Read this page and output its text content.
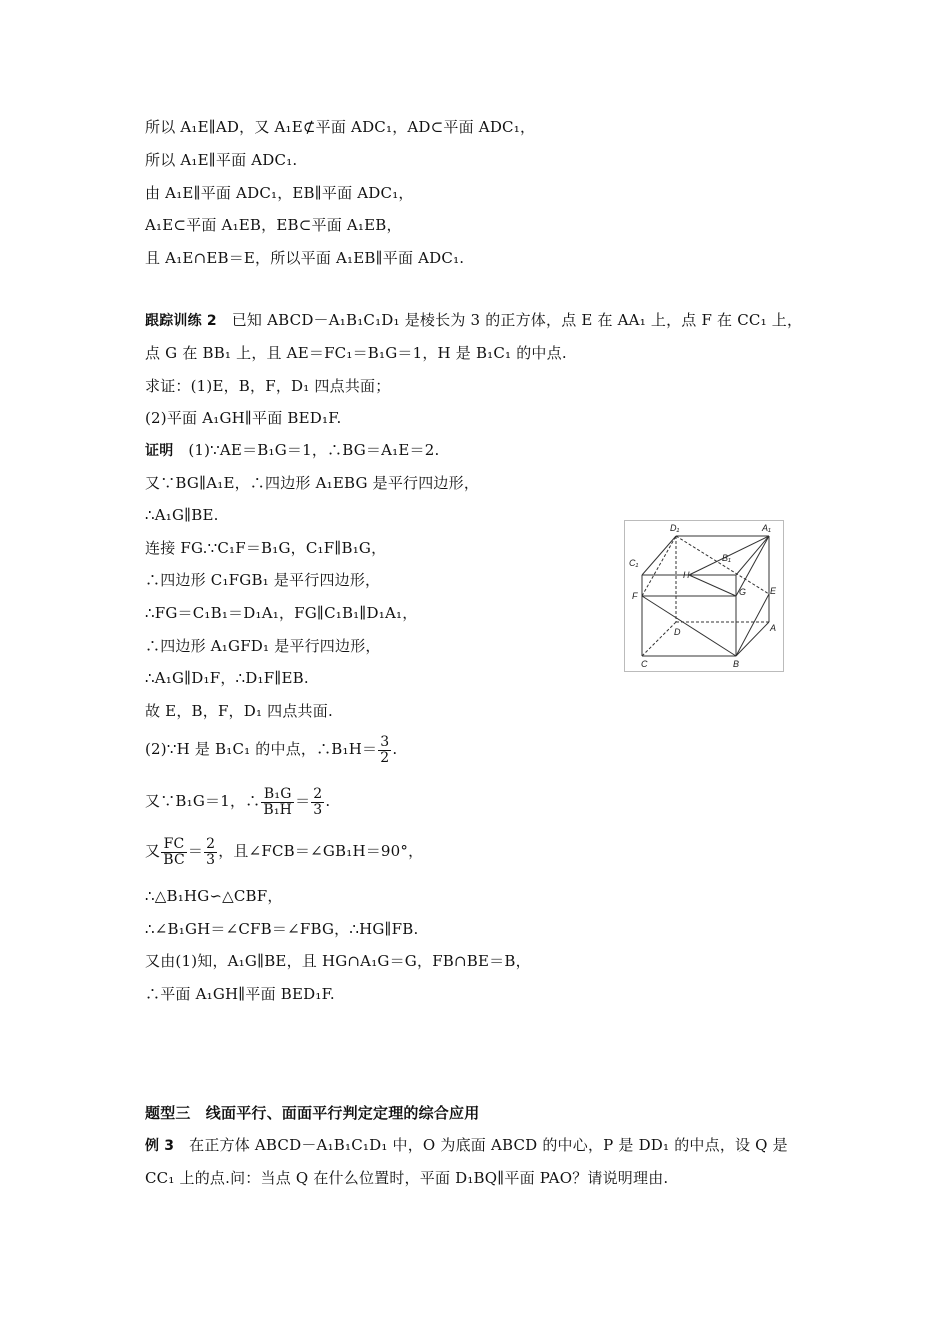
所以 A₁E∥AD，又 A₁E⊄平面 ADC₁，AD⊂平面 ADC₁，
所以 A₁E∥平面 ADC₁.
由 A₁E∥平面 ADC₁，EB∥平面 ADC₁，
A₁E⊂平面 A₁EB，EB⊂平面 A₁EB，
且 A₁E∩EB＝E，所以平面 A₁EB∥平面 ADC₁.
跟踪训练 2 已知 ABCD－A₁B₁C₁D₁ 是棱长为 3 的正方体，点 E 在 AA₁ 上，点 F 在 CC₁ 上，
点 G 在 BB₁ 上，且 AE＝FC₁＝B₁G＝1，H 是 B₁C₁ 的中点.
求证：(1)E，B，F，D₁ 四点共面；
(2)平面 A₁GH∥平面 BED₁F.
证明 (1)∵AE＝B₁G＝1，∴BG＝A₁E＝2.
又∵BG∥A₁E，∴四边形 A₁EBG 是平行四边形，
∴A₁G∥BE.
连接 FG.∵C₁F＝B₁G，C₁F∥B₁G，
∴四边形 C₁FGB₁ 是平行四边形，
∴FG＝C₁B₁＝D₁A₁，FG∥C₁B₁∥D₁A₁，
∴四边形 A₁GFD₁ 是平行四边形，
∴A₁G∥D₁F，∴D₁F∥EB.
故 E，B，F，D₁ 四点共面.
(2)∵H 是 B₁C₁ 的中点，∴B₁H＝ $\frac{3}{2}$ .
又∵B₁G＝1，∴ $\frac{\text{B₁G}}{\text{B₁H}} = \frac{2}{3}$ .
又 $\frac{FC}{BC} = \frac{2}{3}$ ，且∠FCB＝∠GB₁H＝90°，
∴△B₁HG∽△CBF，
∴∠B₁GH＝∠CFB＝∠FBG，∴HG∥FB.
又由(1)知，A₁G∥BE，且 HG∩A₁G＝G，FB∩BE＝B，
∴平面 A₁GH∥平面 BED₁F.
题型三　线面平行、面面平行判定定理的综合应用
例 3 在正方体 ABCD－A₁B₁C₁D₁ 中，O 为底面 ABCD 的中心，P 是 DD₁ 的中点，设 Q 是
CC₁ 上的点.问：当点 Q 在什么位置时，平面 D₁BQ∥平面 PAO？请说明理由.
D₁	A₁
B₁
C₁
H
G
F	E
D	A
C	B
